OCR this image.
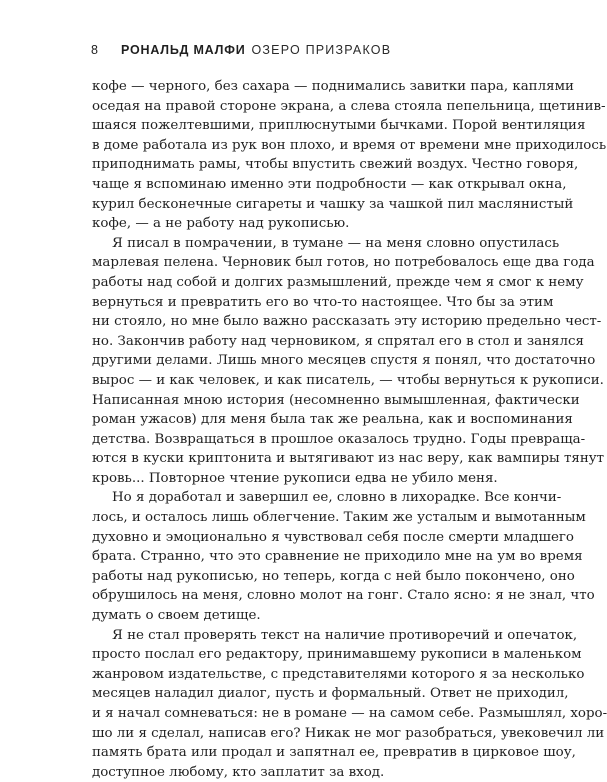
8 РОНАЛЬД МАЛФИ ОЗЕРО ПРИЗРАКОВ
кофе — черного, без сахара — поднимались завитки пара, каплями
оседая на правой стороне экрана, а слева стояла пепельница, щетинив-
шаяся пожелтевшими, приплюснутыми бычками. Порой вентиляция
в доме работала из рук вон плохо, и время от времени мне приходилось
приподнимать рамы, чтобы впустить свежий воздух. Честно говоря,
чаще я вспоминаю именно эти подробности — как открывал окна,
курил бесконечные сигареты и чашку за чашкой пил маслянистый
кофе, — а не работу над рукописью.
Я писал в помрачении, в тумане — на меня словно опустилась
марлевая пелена. Черновик был готов, но потребовалось еще два года
работы над собой и долгих размышлений, прежде чем я смог к нему
вернуться и превратить его во что-то настоящее. Что бы за этим
ни стояло, но мне было важно рассказать эту историю предельно чест-
но. Закончив работу над черновиком, я спрятал его в стол и занялся
другими делами. Лишь много месяцев спустя я понял, что достаточно
вырос — и как человек, и как писатель, — чтобы вернуться к рукописи.
Написанная мною история (несомненно вымышленная, фактически
роман ужасов) для меня была так же реальна, как и воспоминания
детства. Возвращаться в прошлое оказалось трудно. Годы превраща-
ются в куски криптонита и вытягивают из нас веру, как вампиры тянут
кровь... Повторное чтение рукописи едва не убило меня.
Но я доработал и завершил ее, словно в лихорадке. Все кончи-
лось, и осталось лишь облегчение. Таким же усталым и вымотанным
духовно и эмоционально я чувствовал себя после смерти младшего
брата. Странно, что это сравнение не приходило мне на ум во время
работы над рукописью, но теперь, когда с ней было покончено, оно
обрушилось на меня, словно молот на гонг. Стало ясно: я не знал, что
думать о своем детище.
Я не стал проверять текст на наличие противоречий и опечаток,
просто послал его редактору, принимавшему рукописи в маленьком
жанровом издательстве, с представителями которого я за несколько
месяцев наладил диалог, пусть и формальный. Ответ не приходил,
и я начал сомневаться: не в романе — на самом себе. Размышлял, хоро-
шо ли я сделал, написав его? Никак не мог разобраться, увековечил ли
память брата или продал и запятнал ее, превратив в цирковое шоу,
доступное любому, кто заплатит за вход.
